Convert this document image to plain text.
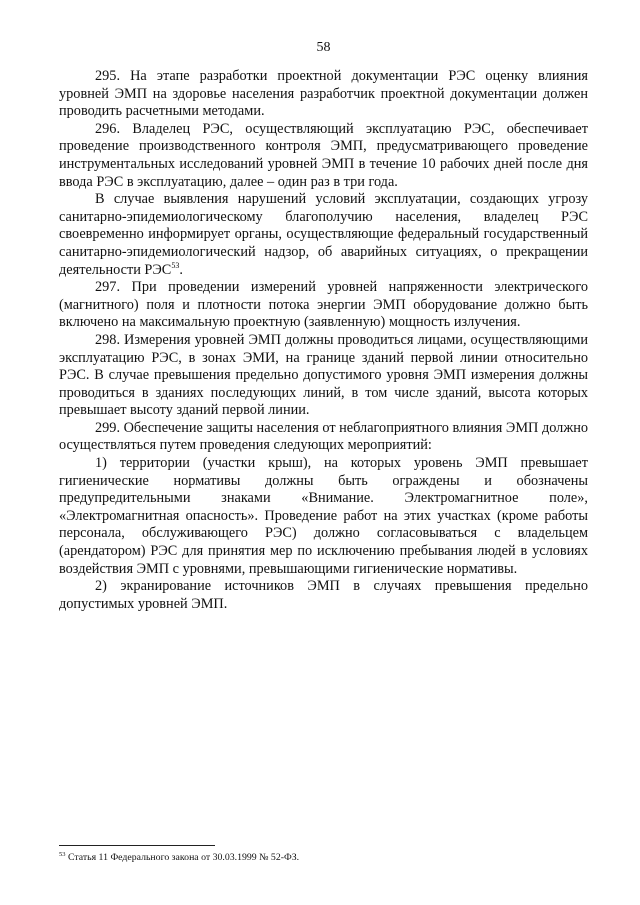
58

295. На этапе разработки проектной документации РЭС оценку влияния уровней ЭМП на здоровье населения разработчик проектной документации должен проводить расчетными методами.

296. Владелец РЭС, осуществляющий эксплуатацию РЭС, обеспечивает проведение производственного контроля ЭМП, предусматривающего проведение инструментальных исследований уровней ЭМП в течение 10 рабочих дней после дня ввода РЭС в эксплуатацию, далее – один раз в три года.

В случае выявления нарушений условий эксплуатации, создающих угрозу санитарно-эпидемиологическому благополучию населения, владелец РЭС своевременно информирует органы, осуществляющие федеральный государственный санитарно-эпидемиологический надзор, об аварийных ситуациях, о прекращении деятельности РЭС$^{53}$.

297. При проведении измерений уровней напряженности электрического (магнитного) поля и плотности потока энергии ЭМП оборудование должно быть включено на максимальную проектную (заявленную) мощность излучения.

298. Измерения уровней ЭМП должны проводиться лицами, осуществляющими эксплуатацию РЭС, в зонах ЭМИ, на границе зданий первой линии относительно РЭС. В случае превышения предельно допустимого уровня ЭМП измерения должны проводиться в зданиях последующих линий, в том числе зданий, высота которых превышает высоту зданий первой линии.

299. Обеспечение защиты населения от неблагоприятного влияния ЭМП должно осуществляться путем проведения следующих мероприятий:

1) территории (участки крыш), на которых уровень ЭМП превышает гигиенические нормативы должны быть ограждены и обозначены предупредительными знаками «Внимание. Электромагнитное поле», «Электромагнитная опасность». Проведение работ на этих участках (кроме работы персонала, обслуживающего РЭС) должно согласовываться с владельцем (арендатором) РЭС для принятия мер по исключению пребывания людей в условиях воздействия ЭМП с уровнями, превышающими гигиенические нормативы.

2) экранирование источников ЭМП в случаях превышения предельно допустимых уровней ЭМП.

$^{53}$ Статья 11 Федерального закона от 30.03.1999 № 52-ФЗ.
